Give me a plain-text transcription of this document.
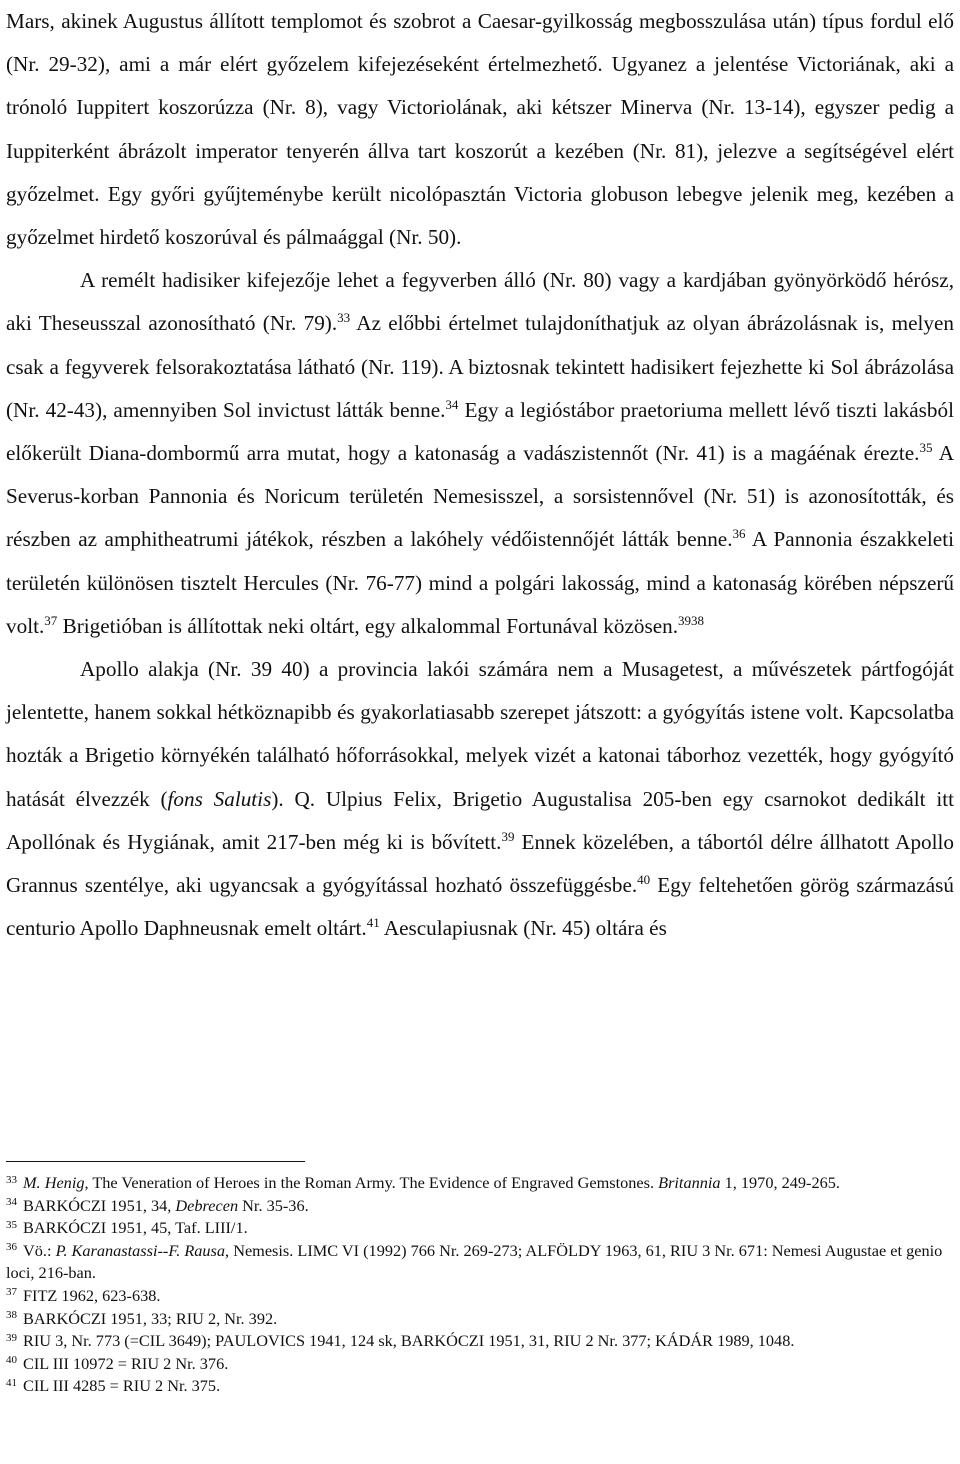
Mars, akinek Augustus állított templomot és szobrot a Caesar-gyilkosság megbosszulása után) típus fordul elő (Nr. 29-32), ami a már elért győzelem kifejezéseként értelmezhető. Ugyanez a jelentése Victoriának, aki a trónoló Iuppitert koszorúzza (Nr. 8), vagy Victoriolának, aki kétszer Minerva (Nr. 13-14), egyszer pedig a Iuppiterként ábrázolt imperator tenyerén állva tart koszorút a kezében (Nr. 81), jelezve a segítségével elért győzelmet. Egy győri gyűjteménybe került nicolópasztán Victoria globuson lebegve jelenik meg, kezében a győzelmet hirdető koszorúval és pálmaággal (Nr. 50).

A remélt hadisiker kifejezője lehet a fegyverben álló (Nr. 80) vagy a kardjában gyönyörködő hérósz, aki Theseusszal azonosítható (Nr. 79).$^{33}$ Az előbbi értelmet tulajdoníthatjuk az olyan ábrázolásnak is, melyen csak a fegyverek felsorakoztatása látható (Nr. 119). A biztosnak tekintett hadisikert fejezhette ki Sol ábrázolása (Nr. 42-43), amennyiben Sol invictust látták benne.$^{34}$ Egy a legióstábor praetoriuma mellett lévő tiszti lakásból előkerült Diana-dombormű arra mutat, hogy a katonaság a vadászistennőt (Nr. 41) is a magáénak érezte.$^{35}$ A Severus-korban Pannonia és Noricum területén Nemesisszel, a sorsistennővel (Nr. 51) is azonosították, és részben az amphitheatrumi játékok, részben a lakóhely védőistennőjét látták benne.$^{36}$ A Pannonia északkeleti területén különösen tisztelt Hercules (Nr. 76-77) mind a polgári lakosság, mind a katonaság körében népszerű volt.$^{37}$ Brigetióban is állítottak neki oltárt, egy alkalommal Fortunával közösen.$^{3938}$

Apollo alakja (Nr. 39 40) a provincia lakói számára nem a Musagetest, a művészetek pártfogóját jelentette, hanem sokkal hétköznapibb és gyakorlatiasabb szerepet játszott: a gyógyítás istene volt. Kapcsolatba hozták a Brigetio környékén található hőforrásokkal, melyek vizét a katonai táborhoz vezették, hogy gyógyító hatását élvezzék (fons Salutis). Q. Ulpius Felix, Brigetio Augustalisa 205-ben egy csarnokot dedikált itt Apollónak és Hygiának, amit 217-ben még ki is bővített.$^{39}$ Ennek közelében, a tábortól délre állhatott Apollo Grannus szentélye, aki ugyancsak a gyógyítással hozható összefüggésbe.$^{40}$ Egy feltehetően görög származású centurio Apollo Daphneusnak emelt oltárt.$^{41}$ Aesculapiusnak (Nr. 45) oltára és

$^{33}$ M. Henig, The Veneration of Heroes in the Roman Army. The Evidence of Engraved Gemstones. Britannia 1, 1970, 249-265.

$^{34}$ BARKÓCZI 1951, 34, Debrecen Nr. 35-36.

$^{35}$ BARKÓCZI 1951, 45, Taf. LIII/1.

$^{36}$ Vö.: P. Karanastassi--F. Rausa, Nemesis. LIMC VI (1992) 766 Nr. 269-273; ALFÖLDY 1963, 61, RIU 3 Nr. 671: Nemesi Augustae et genio loci, 216-ban.

$^{37}$ FITZ 1962, 623-638.

$^{38}$ BARKÓCZI 1951, 33; RIU 2, Nr. 392.

$^{39}$ RIU 3, Nr. 773 (=CIL 3649); PAULOVICS 1941, 124 sk, BARKÓCZI 1951, 31, RIU 2 Nr. 377; KÁDÁR 1989, 1048.

$^{40}$ CIL III 10972 = RIU 2 Nr. 376.

$^{41}$ CIL III 4285 = RIU 2 Nr. 375.
